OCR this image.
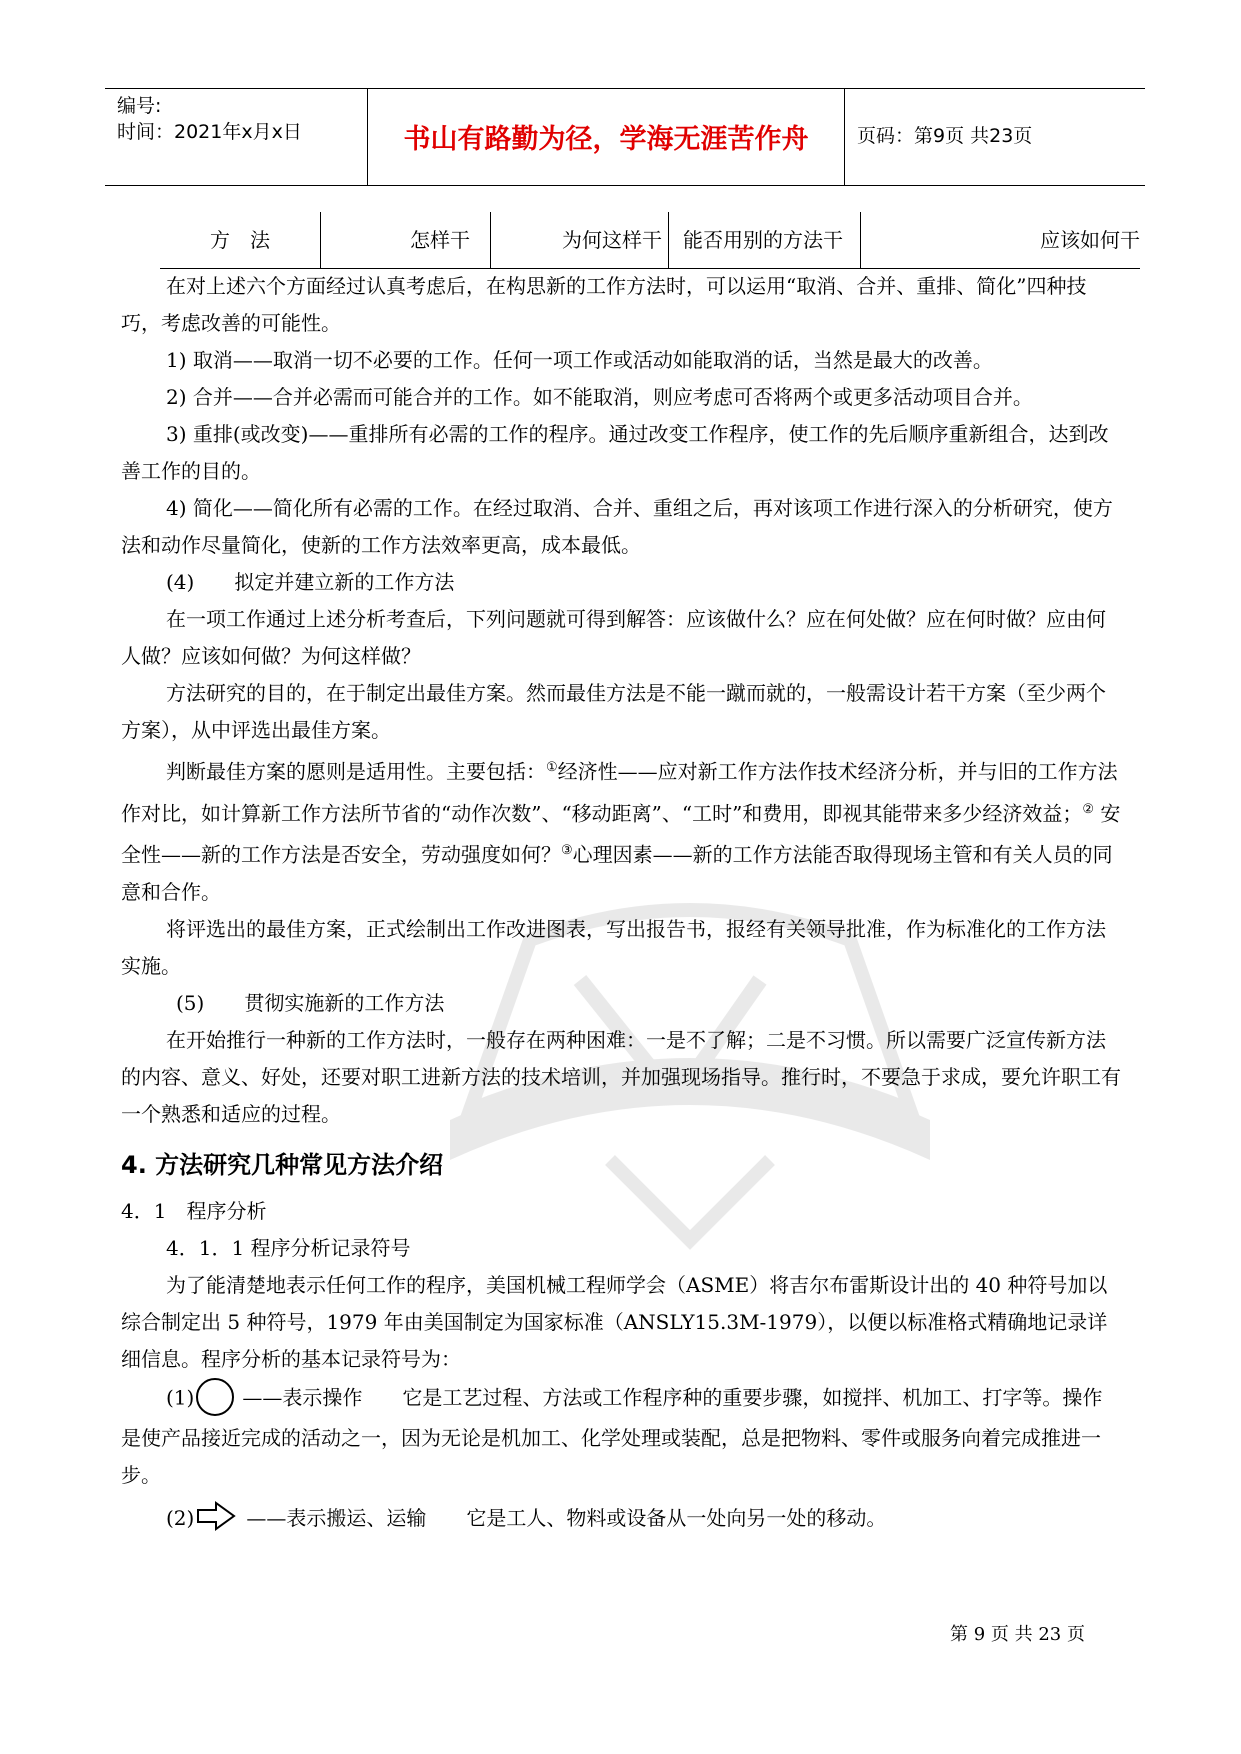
编号:
时间：2021年x月x日	书山有路勤为径，学海无涯苦作舟	页码：第9页 共23页
方　法	怎样干	为何这样干	能否用别的方法干	应该如何干

在对上述六个方面经过认真考虑后，在构思新的工作方法时，可以运用“取消、合并、重排、简化”四种技巧，考虑改善的可能性。

1) 取消——取消一切不必要的工作。任何一项工作或活动如能取消的话，当然是最大的改善。

2) 合并——合并必需而可能合并的工作。如不能取消，则应考虑可否将两个或更多活动项目合并。

3) 重排(或改变)——重排所有必需的工作的程序。通过改变工作程序，使工作的先后顺序重新组合，达到改善工作的目的。

4) 简化——简化所有必需的工作。在经过取消、合并、重组之后，再对该项工作进行深入的分析研究，使方法和动作尽量简化，使新的工作方法效率更高，成本最低。

(4)　　拟定并建立新的工作方法

在一项工作通过上述分析考查后，下列问题就可得到解答：应该做什么？应在何处做？应在何时做？应由何人做？应该如何做？为何这样做？

方法研究的目的，在于制定出最佳方案。然而最佳方法是不能一蹴而就的，一般需设计若干方案（至少两个方案），从中评选出最佳方案。

判断最佳方案的愿则是适用性。主要包括：①经济性——应对新工作方法作技术经济分析，并与旧的工作方法作对比，如计算新工作方法所节省的“动作次数”、“移动距离”、“工时”和费用，即视其能带来多少经济效益；② 安全性——新的工作方法是否安全，劳动强度如何？③心理因素——新的工作方法能否取得现场主管和有关人员的同意和合作。

将评选出的最佳方案，正式绘制出工作改进图表，写出报告书，报经有关领导批准，作为标准化的工作方法实施。

(5)　　贯彻实施新的工作方法

在开始推行一种新的工作方法时，一般存在两种困难：一是不了解；二是不习惯。所以需要广泛宣传新方法的内容、意义、好处，还要对职工进新方法的技术培训，并加强现场指导。推行时，不要急于求成，要允许职工有一个熟悉和适应的过程。

4. 方法研究几种常见方法介绍

4．1　程序分析

4．1．1 程序分析记录符号

为了能清楚地表示任何工作的程序，美国机械工程师学会（ASME）将吉尔布雷斯设计出的 40 种符号加以综合制定出 5 种符号，1979 年由美国制定为国家标准（ANSLY15.3M-1979），以便以标准格式精确地记录详细信息。程序分析的基本记录符号为：

(1) ——表示操作　　它是工艺过程、方法或工作程序种的重要步骤，如搅拌、机加工、打字等。操作是使产品接近完成的活动之一，因为无论是机加工、化学处理或装配，总是把物料、零件或服务向着完成推进一步。

(2)	——表示搬运、运输　　它是工人、物料或设备从一处向另一处的移动。

第 9 页 共 23 页
